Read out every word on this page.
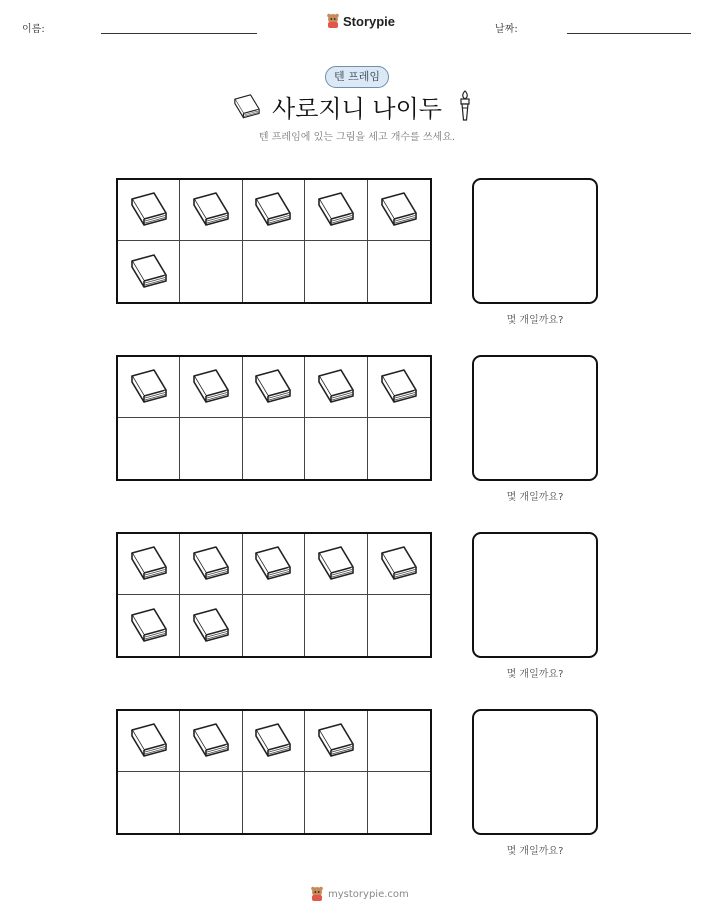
이름:
Storypie
날짜:
텐 프레임
사로지니 나이두
텐 프레임에 있는 그림을 세고 개수를 쓰세요.
몇 개일까요?
몇 개일까요?
몇 개일까요?
몇 개일까요?
mystorypie.com
